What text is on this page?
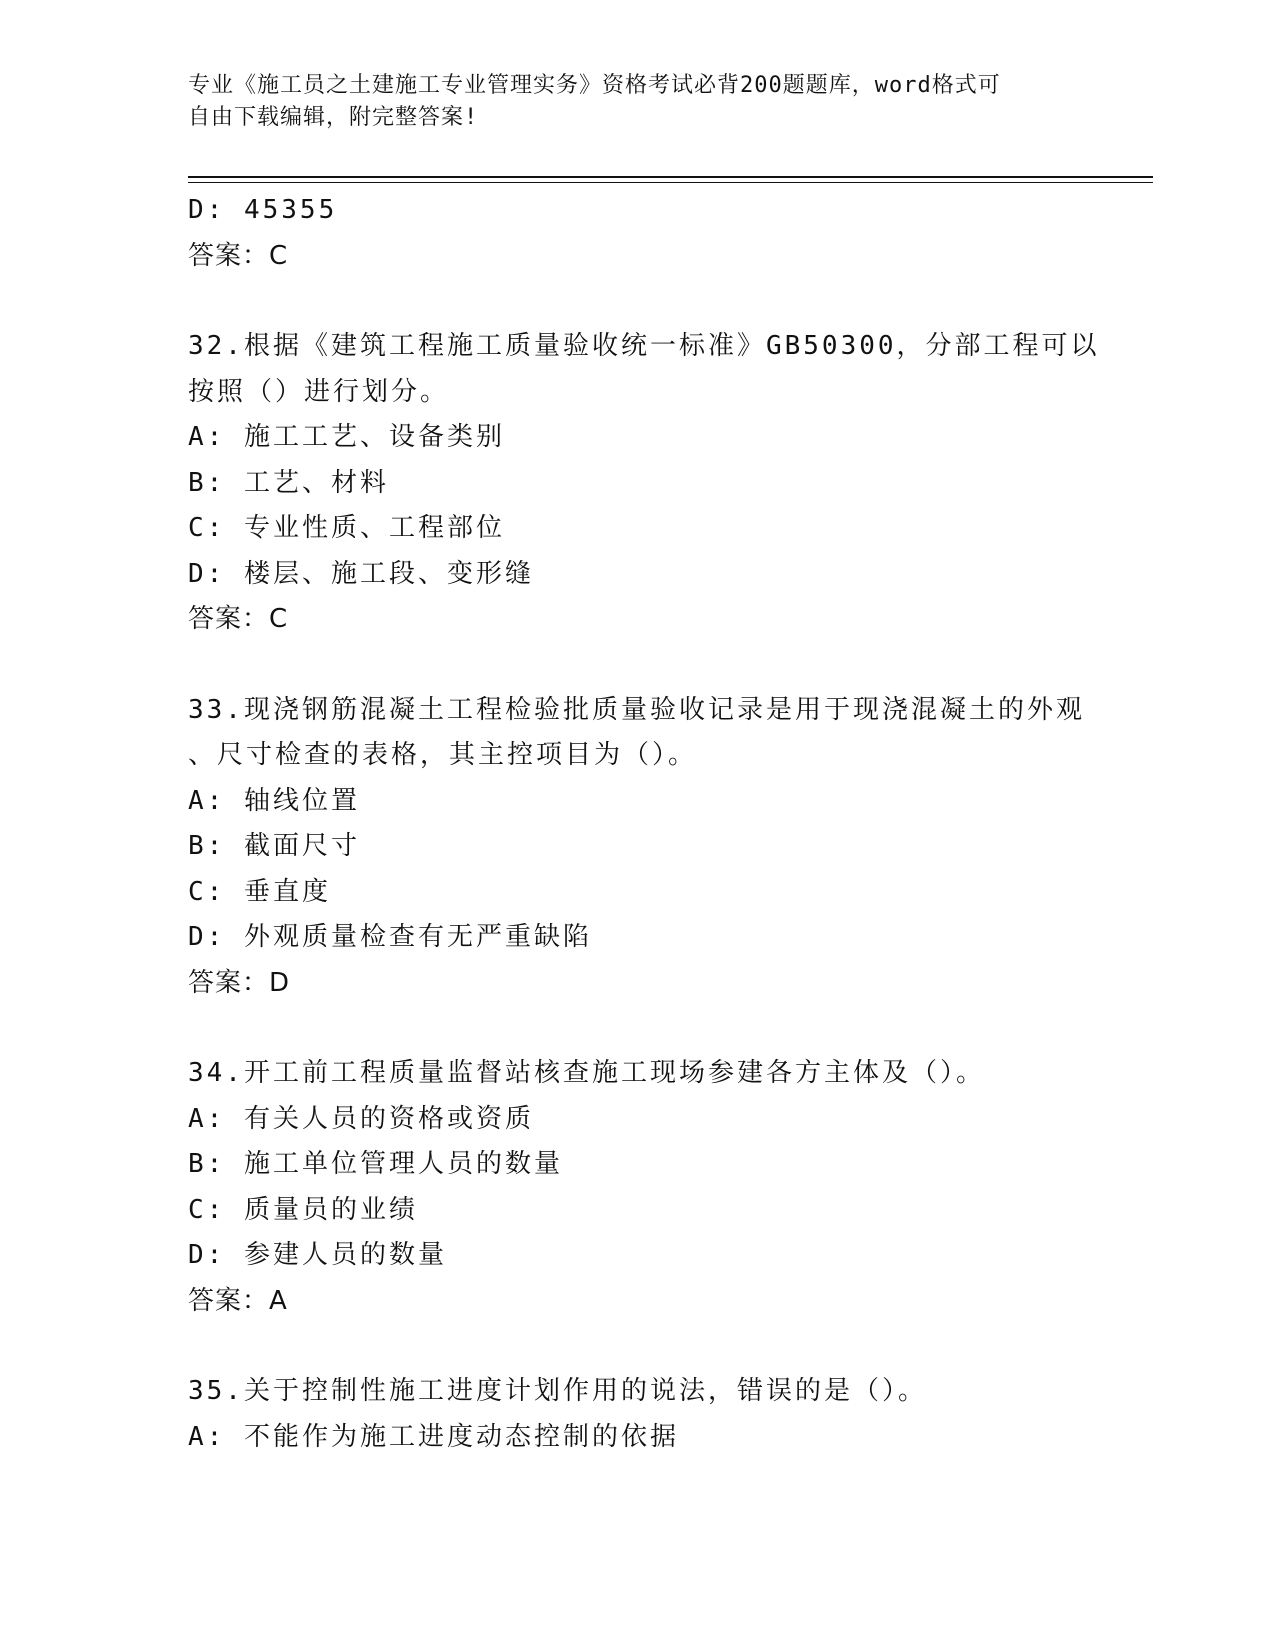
专业《施工员之土建施工专业管理实务》资格考试必背200题题库，word格式可
自由下载编辑，附完整答案!
D: 45355
答案：C
32.根据《建筑工程施工质量验收统一标准》GB50300，分部工程可以
按照（）进行划分。
A: 施工工艺、设备类别
B: 工艺、材料
C: 专业性质、工程部位
D: 楼层、施工段、变形缝
答案：C
33.现浇钢筋混凝土工程检验批质量验收记录是用于现浇混凝土的外观
、尺寸检查的表格，其主控项目为（）。
A: 轴线位置
B: 截面尺寸
C: 垂直度
D: 外观质量检查有无严重缺陷
答案：D
34.开工前工程质量监督站核查施工现场参建各方主体及（）。
A: 有关人员的资格或资质
B: 施工单位管理人员的数量
C: 质量员的业绩
D: 参建人员的数量
答案：A
35.关于控制性施工进度计划作用的说法，错误的是（）。
A: 不能作为施工进度动态控制的依据
